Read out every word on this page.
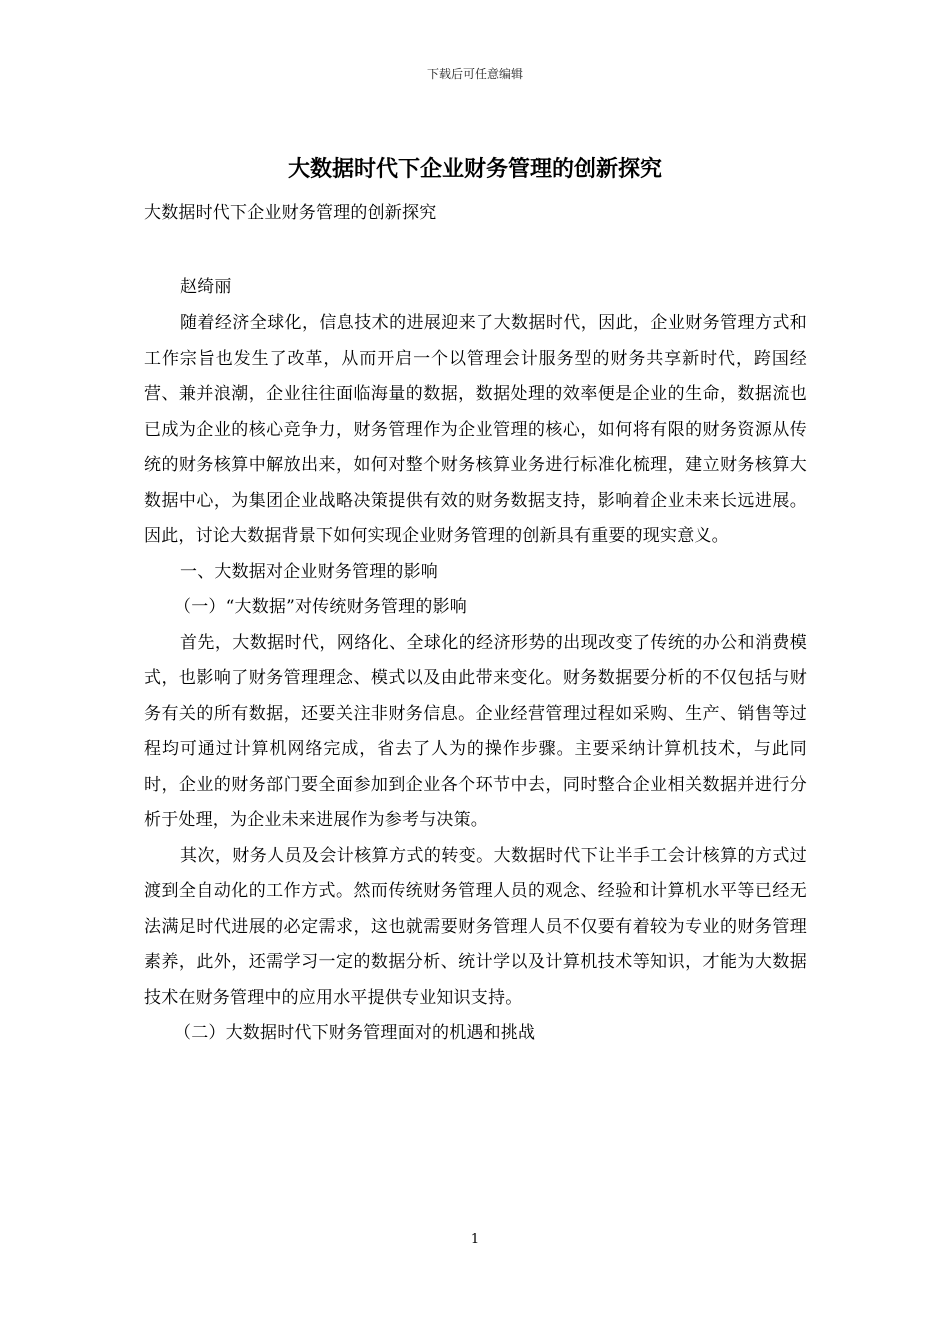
下载后可任意编辑
大数据时代下企业财务管理的创新探究
大数据时代下企业财务管理的创新探究
赵绮丽

随着经济全球化，信息技术的进展迎来了大数据时代，因此，企业财务管理方式和工作宗旨也发生了改革，从而开启一个以管理会计服务型的财务共享新时代，跨国经营、兼并浪潮，企业往往面临海量的数据，数据处理的效率便是企业的生命，数据流也已成为企业的核心竞争力，财务管理作为企业管理的核心，如何将有限的财务资源从传统的财务核算中解放出来，如何对整个财务核算业务进行标准化梳理，建立财务核算大数据中心，为集团企业战略决策提供有效的财务数据支持，影响着企业未来长远进展。因此，讨论大数据背景下如何实现企业财务管理的创新具有重要的现实意义。

一、大数据对企业财务管理的影响

（一）“大数据”对传统财务管理的影响

首先，大数据时代，网络化、全球化的经济形势的出现改变了传统的办公和消费模式，也影响了财务管理理念、模式以及由此带来变化。财务数据要分析的不仅包括与财务有关的所有数据，还要关注非财务信息。企业经营管理过程如采购、生产、销售等过程均可通过计算机网络完成，省去了人为的操作步骤。主要采纳计算机技术，与此同时，企业的财务部门要全面参加到企业各个环节中去，同时整合企业相关数据并进行分析于处理，为企业未来进展作为参考与决策。

其次，财务人员及会计核算方式的转变。大数据时代下让半手工会计核算的方式过渡到全自动化的工作方式。然而传统财务管理人员的观念、经验和计算机水平等已经无法满足时代进展的必定需求，这也就需要财务管理人员不仅要有着较为专业的财务管理素养，此外，还需学习一定的数据分析、统计学以及计算机技术等知识，才能为大数据技术在财务管理中的应用水平提供专业知识支持。

（二）大数据时代下财务管理面对的机遇和挑战

1
